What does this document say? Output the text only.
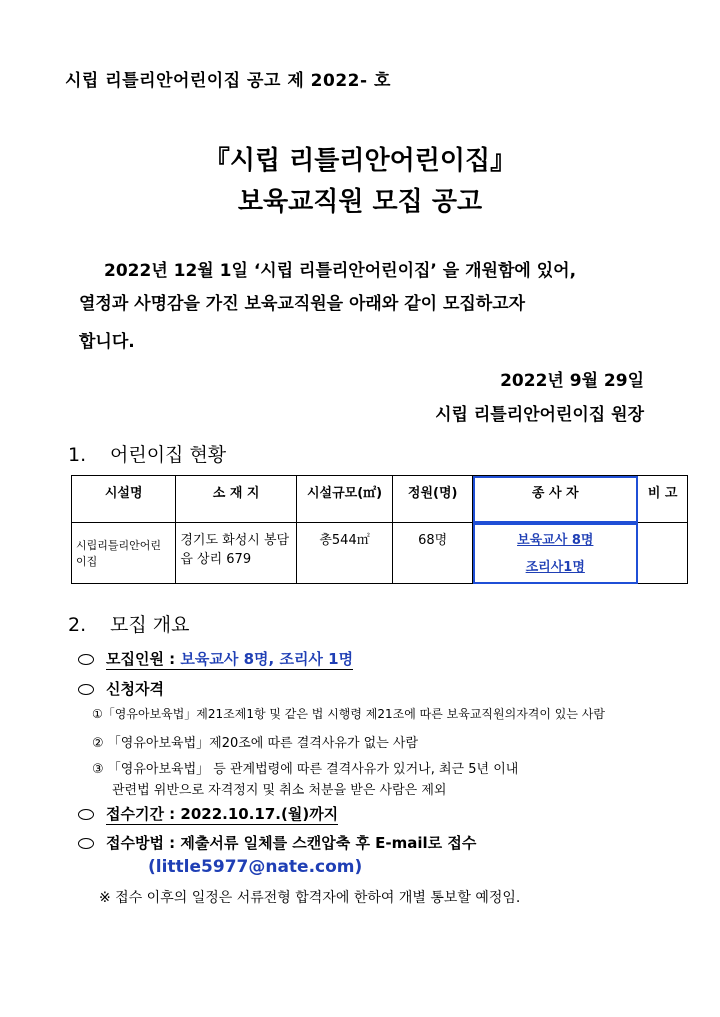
시립 리틀리안어린이집 공고 제 2022- 호
『시립 리틀리안어린이집』
보육교직원 모집 공고
2022년 12월 1일 ‘시립 리틀리안어린이집’ 을 개원함에 있어,
열정과 사명감을 가진 보육교직원을 아래와 같이 모집하고자
합니다.
2022년 9월 29일
시립 리틀리안어린이집 원장
1. 어린이집 현황
시설명	소 재 지	시설규모(㎡)	정원(명)	종 사 자	비 고
시립리틀리안어린이집	경기도 화성시 봉담읍 상리 679	총544㎡	68명	보육교사 8명
조리사1명	

2. 모집 개요
모집인원 : 보육교사 8명, 조리사 1명
신청자격
①「영유아보육법」제21조제1항 및 같은 법 시행령 제21조에 따른 보육교직원의자격이 있는 사람
② 「영유아보육법」제20조에 따른 결격사유가 없는 사람
③ 「영유아보육법」 등 관계법령에 따른 결격사유가 있거나, 최근 5년 이내
관련법 위반으로 자격정지 및 취소 처분을 받은 사람은 제외
접수기간 : 2022.10.17.(월)까지
접수방법 : 제출서류 일체를 스캔압축 후 E-mail로 접수
(little5977@nate.com)
※ 접수 이후의 일정은 서류전형 합격자에 한하여 개별 통보할 예정임.
